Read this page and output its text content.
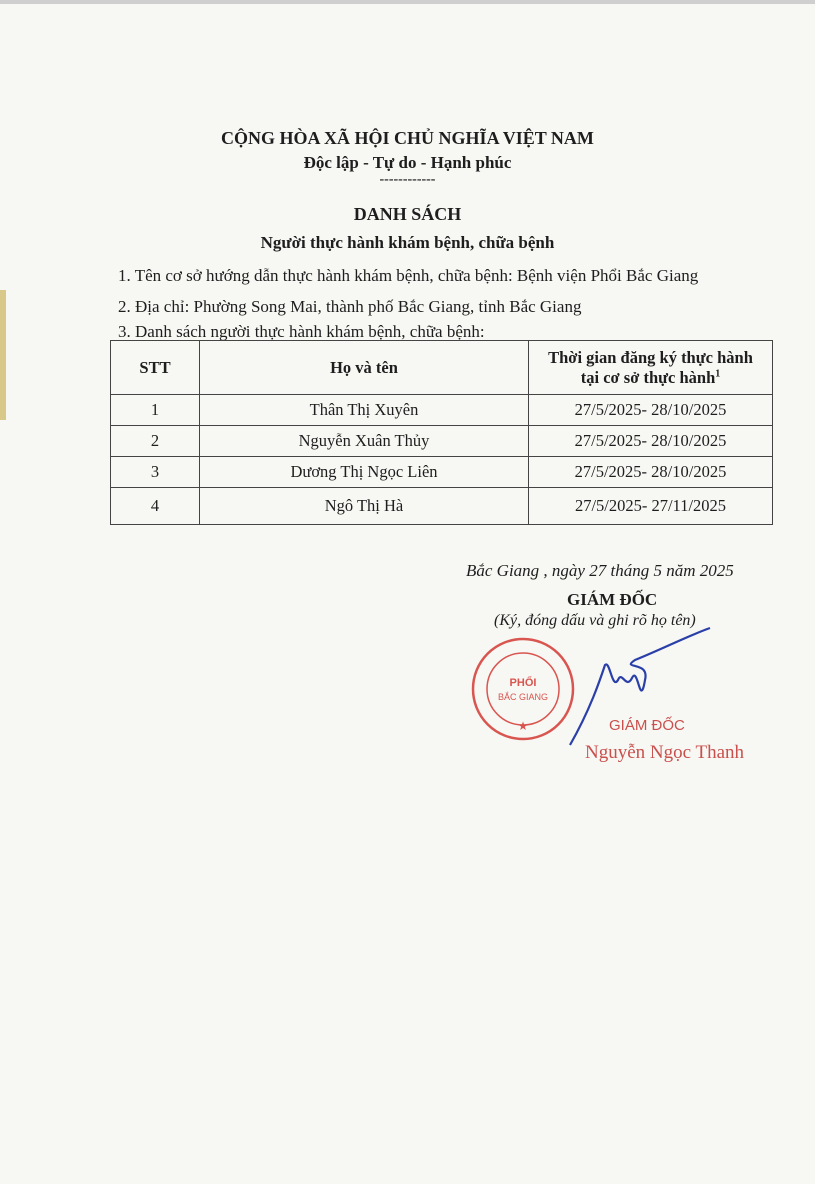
CỘNG HÒA XÃ HỘI CHỦ NGHĨA VIỆT NAM
Độc lập - Tự do - Hạnh phúc
------------
DANH SÁCH
Người thực hành khám bệnh, chữa bệnh
1. Tên cơ sở hướng dẫn thực hành khám bệnh, chữa bệnh: Bệnh viện Phổi Bắc Giang
2. Địa chỉ: Phường Song Mai, thành phố Bắc Giang, tỉnh Bắc Giang
3. Danh sách người thực hành khám bệnh, chữa bệnh:
STT	Họ và tên	Thời gian đăng ký thực hành
tại cơ sở thực hành$^1$
1	Thân Thị Xuyên	27/5/2025- 28/10/2025
2	Nguyễn Xuân Thủy	27/5/2025- 28/10/2025
3	Dương Thị Ngọc Liên	27/5/2025- 28/10/2025
4	Ngô Thị Hà	27/5/2025- 27/11/2025
PHỔI
BẮC GIANG
★
Bắc Giang , ngày 27 tháng 5 năm 2025
GIÁM ĐỐC
(Ký, đóng dấu và ghi rõ họ tên)
GIÁM ĐỐC
Nguyễn Ngọc Thanh
